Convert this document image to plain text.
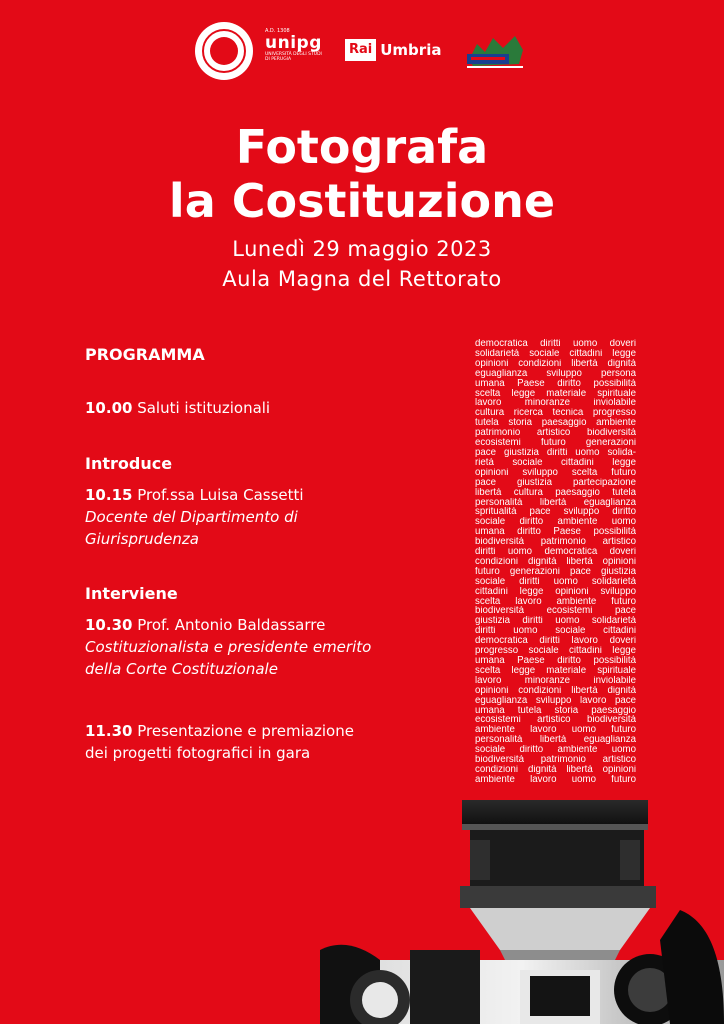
A.D. 1308
unipg
UNIVERSITÀ DEGLI STUDI
DI PERUGIA
Rai Umbria
Fotografa
la Costituzione
Lunedì 29 maggio 2023
Aula Magna del Rettorato

PROGRAMMA

10.00 Saluti istituzionali

Introduce

10.15 Prof.ssa Luisa Cassetti

Docente del Dipartimento di

Giurisprudenza

Interviene

10.30 Prof. Antonio Baldassarre

Costituzionalista e presidente emerito

della Corte Costituzionale

11.30 Presentazione e premiazione

dei progetti fotografici in gara

democratica diritti uomo doveri
solidarietà sociale cittadini legge
opinioni condizioni libertà dignità
eguaglianza sviluppo persona
umana Paese diritto possibilità
scelta legge materiale spirituale
lavoro minoranze inviolabile
cultura ricerca tecnica progresso
tutela storia paesaggio ambiente
patrimonio artistico biodiversità
ecosistemi futuro generazioni
pace giustizia diritti uomo solida-
rietà sociale cittadini legge
opinioni sviluppo scelta futuro
pace giustizia partecipazione
libertà cultura paesaggio tutela
personalità libertà eguaglianza
spritualità pace sviluppo diritto
sociale diritto ambiente uomo
umana diritto Paese possibilità
biodiversità patrimonio artistico
diritti uomo democratica doveri
condizioni dignità libertà opinioni
futuro generazioni pace giustizia
sociale diritti uomo solidarietà
cittadini legge opinioni sviluppo
scelta lavoro ambiente futuro
biodiversità ecosistemi pace
giustizia diritti uomo solidarietà
diritti uomo sociale cittadini
democratica diritti lavoro doveri
progresso sociale cittadini legge
umana Paese diritto possibilità
scelta legge materiale spirituale
lavoro minoranze inviolabile
opinioni condizioni libertà dignità
eguaglianza sviluppo lavoro pace
umana tutela storia paesaggio
ecosistemi artistico biodiversità
ambiente lavoro uomo futuro
personalità libertà eguaglianza
sociale diritto ambiente uomo
biodiversità patrimonio artistico
condizioni dignità libertà opinioni
ambiente lavoro uomo futuro
